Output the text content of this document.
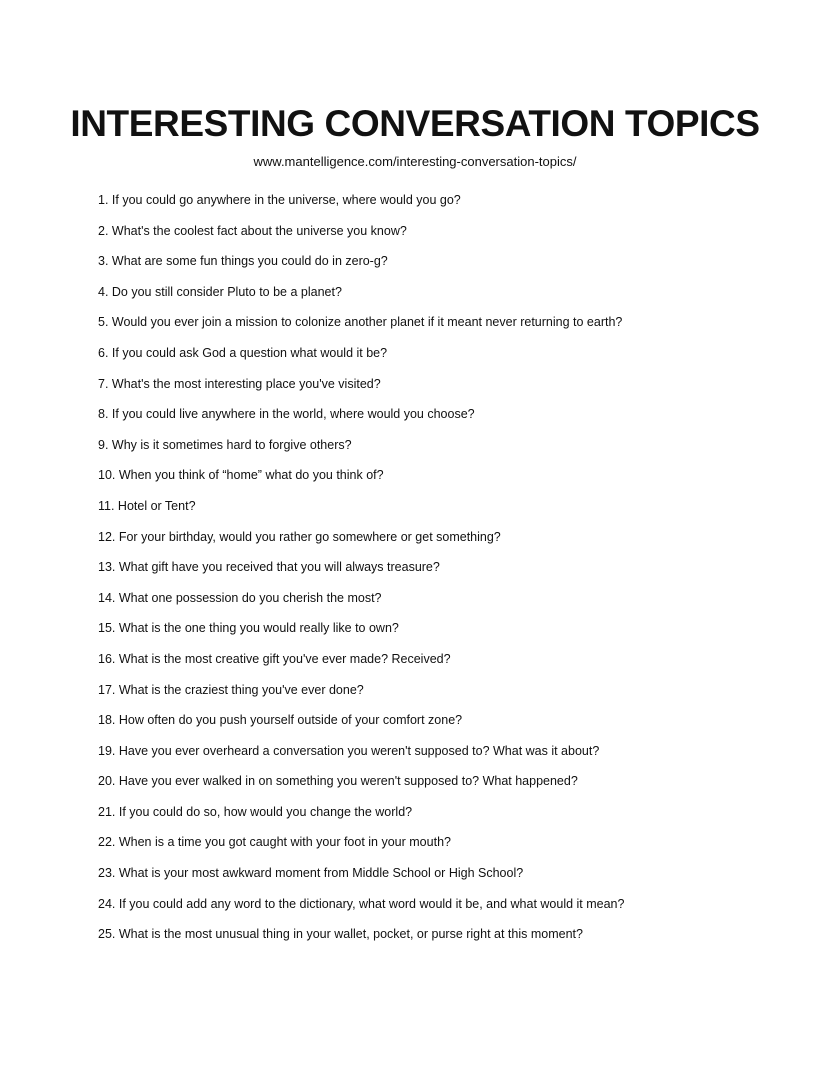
INTERESTING CONVERSATION TOPICS

www.mantelligence.com/interesting-conversation-topics/

1. If you could go anywhere in the universe, where would you go?
2. What's the coolest fact about the universe you know?
3. What are some fun things you could do in zero-g?
4. Do you still consider Pluto to be a planet?
5. Would you ever join a mission to colonize another planet if it meant never returning to earth?
6. If you could ask God a question what would it be?
7. What's the most interesting place you've visited?
8. If you could live anywhere in the world, where would you choose?
9. Why is it sometimes hard to forgive others?
10. When you think of “home” what do you think of?
11. Hotel or Tent?
12. For your birthday, would you rather go somewhere or get something?
13. What gift have you received that you will always treasure?
14. What one possession do you cherish the most?
15. What is the one thing you would really like to own?
16. What is the most creative gift you've ever made? Received?
17. What is the craziest thing you've ever done?
18. How often do you push yourself outside of your comfort zone?
19. Have you ever overheard a conversation you weren't supposed to? What was it about?
20. Have you ever walked in on something you weren't supposed to? What happened?
21. If you could do so, how would you change the world?
22. When is a time you got caught with your foot in your mouth?
23. What is your most awkward moment from Middle School or High School?
24. If you could add any word to the dictionary, what word would it be, and what would it mean?
25. What is the most unusual thing in your wallet, pocket, or purse right at this moment?
